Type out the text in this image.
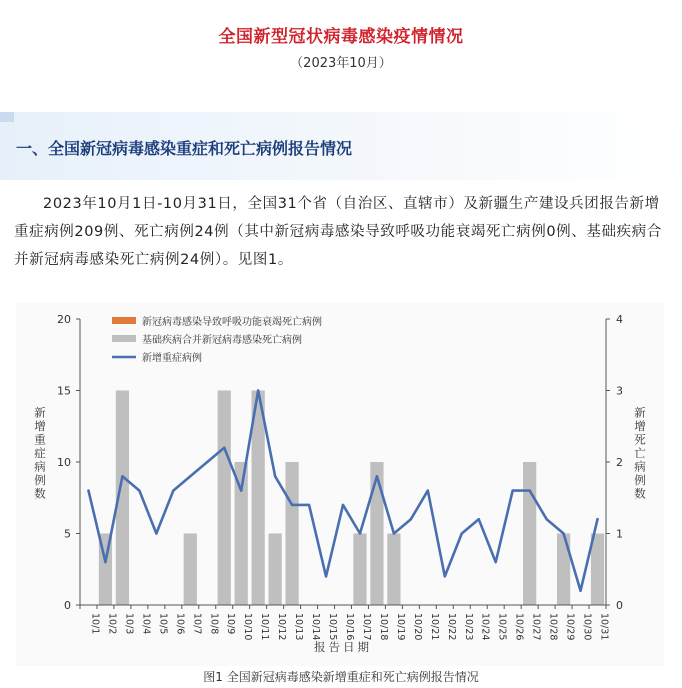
全国新型冠状病毒感染疫情情况
（2023年10月）
一、全国新冠病毒感染重症和死亡病例报告情况
2023年10月1日-10月31日，全国31个省（自治区、直辖市）及新疆生产建设兵团报告新增重症病例209例、死亡病例24例（其中新冠病毒感染导致呼吸功能衰竭死亡病例0例、基础疾病合并新冠病毒感染死亡病例24例）。见图1。
0
5
10
15
20
0
1
2
3
4
10/1 10/2 10/3 10/4 10/5 10/6 10/7 10/8 10/9 10/10 10/11 10/12 10/13 10/14 10/15 10/16 10/17 10/18 10/19 10/20 10/21 10/22 10/23 10/24 10/25 10/26 10/27 10/28 10/29 10/30 10/31
新冠病毒感染导致呼吸功能衰竭死亡病例
基础疾病合并新冠病毒感染死亡病例
新增重症病例
新增重症病例数
新增死亡病例数
报告日期
图1 全国新冠病毒感染新增重症和死亡病例报告情况
